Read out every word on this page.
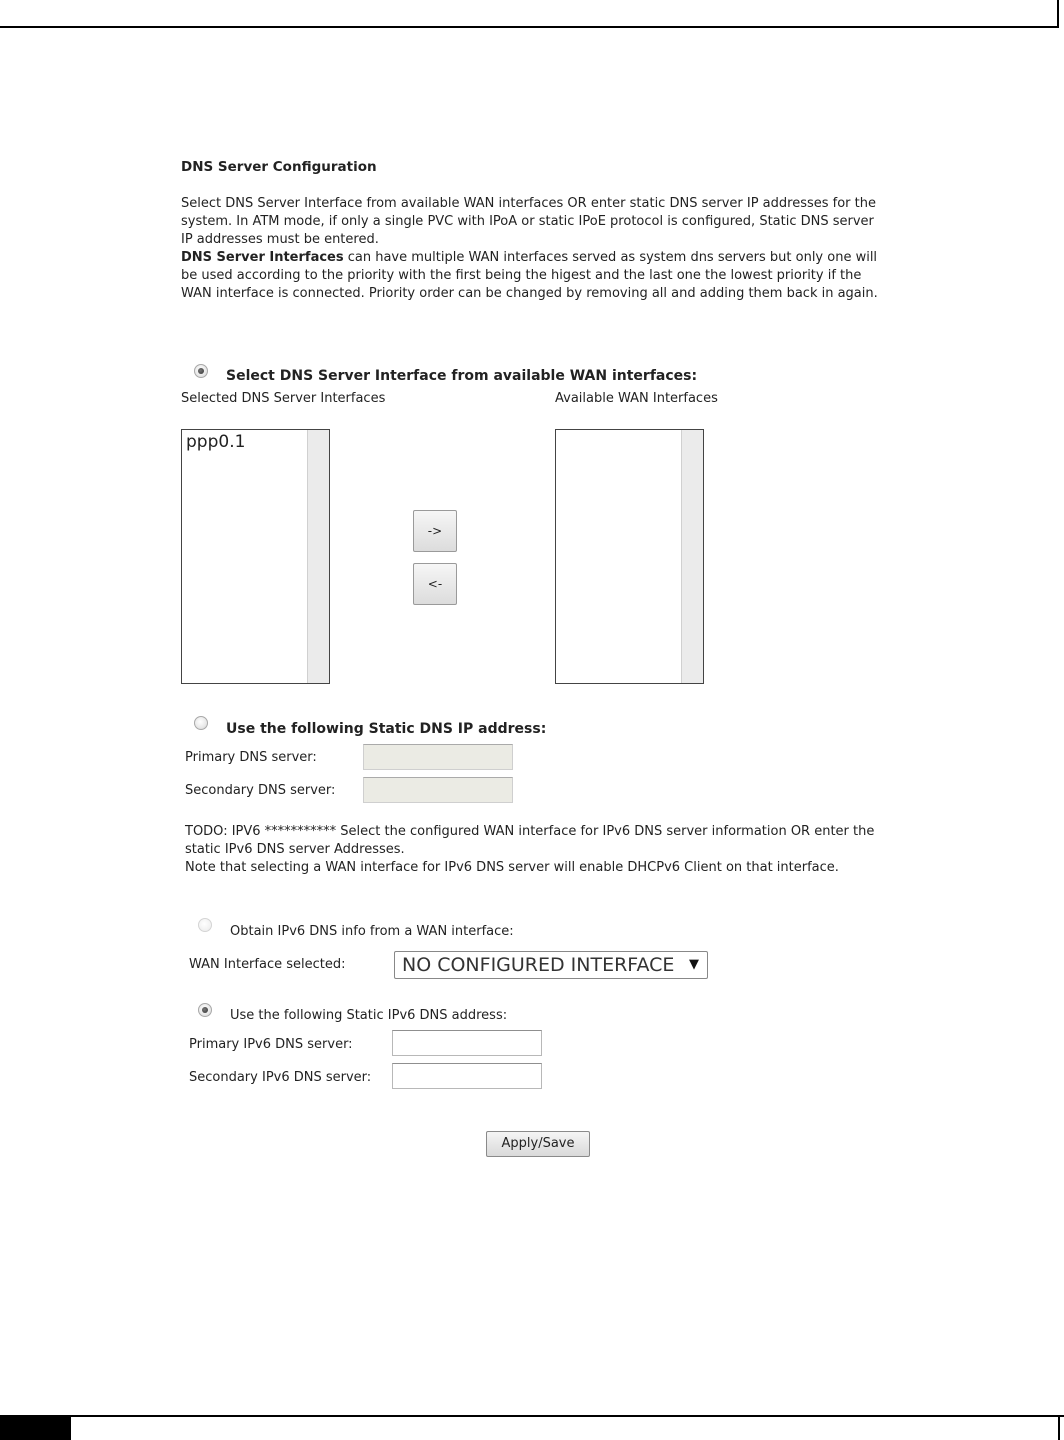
DNS Server Configuration
Select DNS Server Interface from available WAN interfaces OR enter static DNS server IP addresses for the system. In ATM mode, if only a single PVC with IPoA or static IPoE protocol is configured, Static DNS server IP addresses must be entered.
DNS Server Interfaces can have multiple WAN interfaces served as system dns servers but only one will be used according to the priority with the first being the higest and the last one the lowest priority if the WAN interface is connected. Priority order can be changed by removing all and adding them back in again.
Select DNS Server Interface from available WAN interfaces:
Selected DNS Server Interfaces	Available WAN Interfaces
ppp0.1
->
<-
Use the following Static DNS IP address:
Primary DNS server:
Secondary DNS server:
TODO: IPV6 *********** Select the configured WAN interface for IPv6 DNS server information OR enter the static IPv6 DNS server Addresses.
Note that selecting a WAN interface for IPv6 DNS server will enable DHCPv6 Client on that interface.
Obtain IPv6 DNS info from a WAN interface:
WAN Interface selected:	NO CONFIGURED INTERFACE ▼
Use the following Static IPv6 DNS address:
Primary IPv6 DNS server:
Secondary IPv6 DNS server:
Apply/Save
